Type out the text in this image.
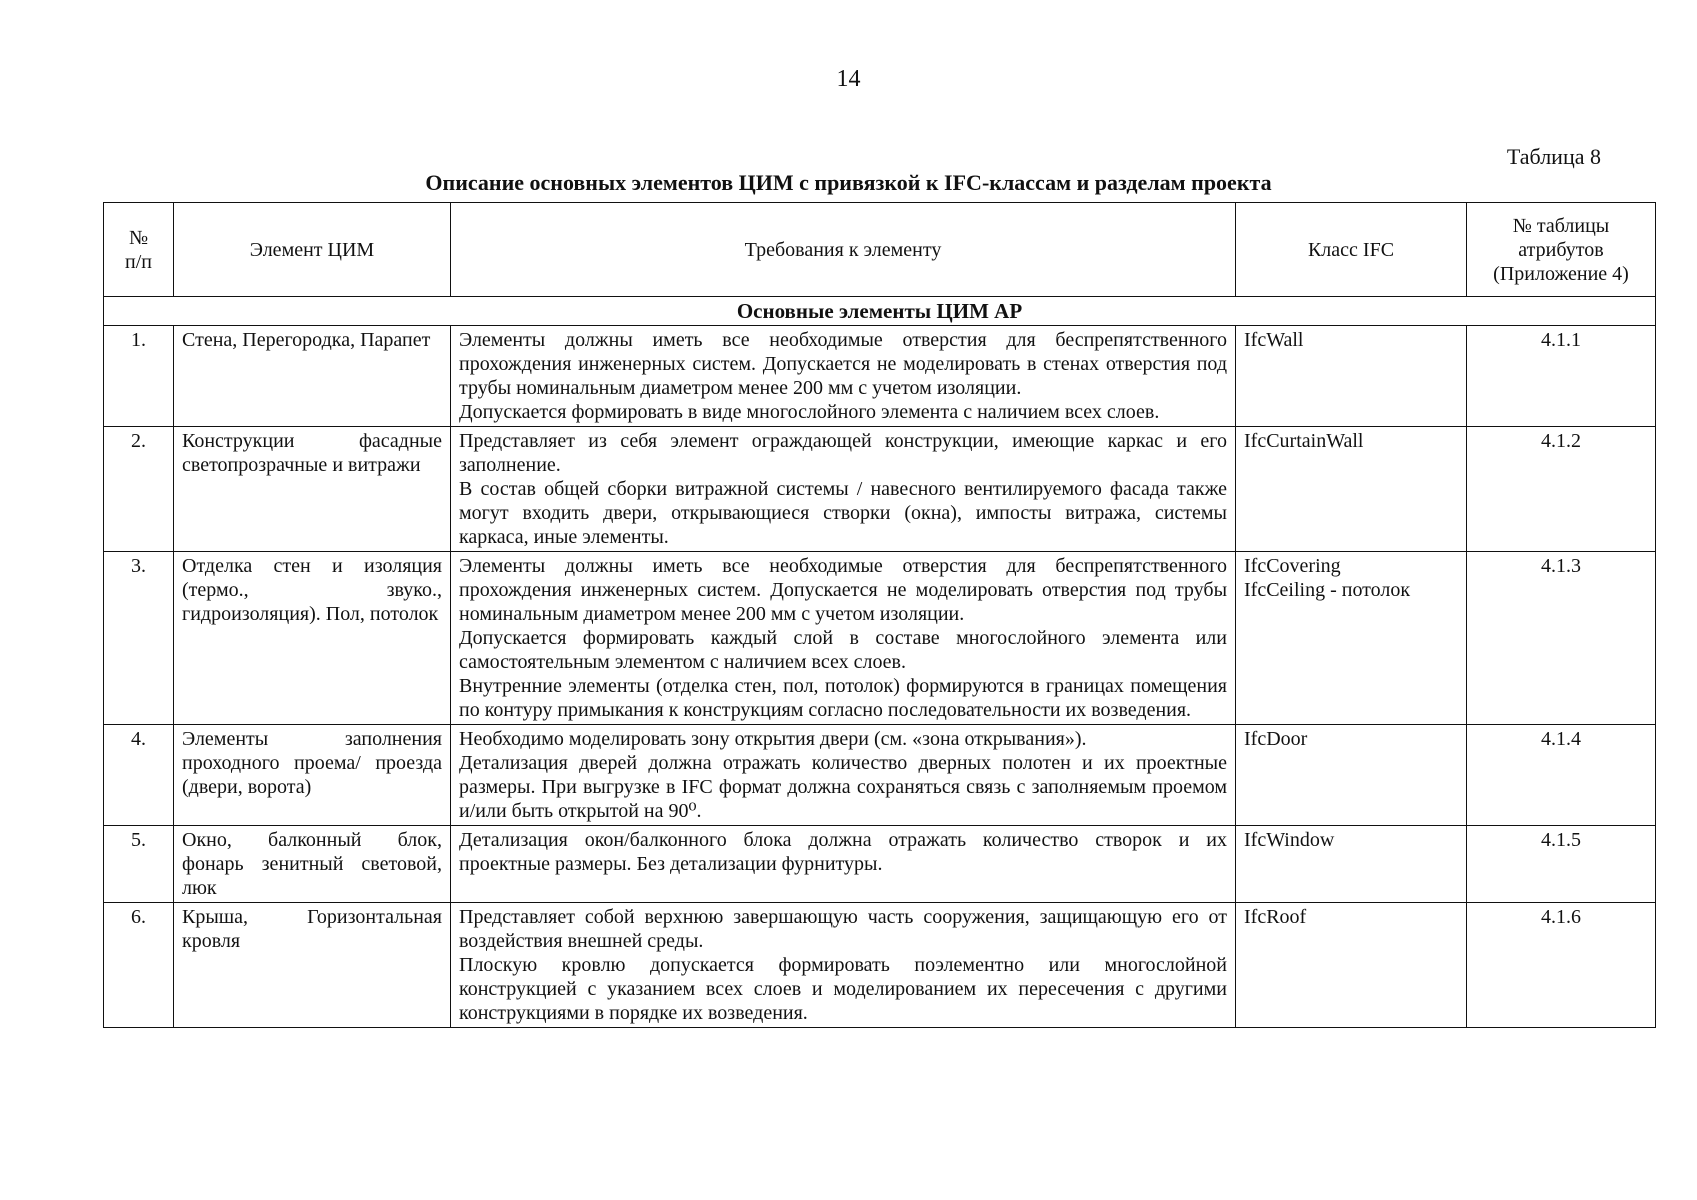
14
Таблица 8
Описание основных элементов ЦИМ с привязкой к IFC-классам и разделам проекта
№
п/п	Элемент ЦИМ	Требования к элементу	Класс IFC	№ таблицы
атрибутов
(Приложение 4)
Основные элементы ЦИМ АР				
1.	Стена, Перегородка, Парапет	Элементы должны иметь все необходимые отверстия для беспрепятственного прохождения инженерных систем. Допускается не моделировать в стенах отверстия под трубы номинальным диаметром менее 200 мм с учетом изоляции.
Допускается формировать в виде многослойного элемента с наличием всех слоев.	IfcWall	4.1.1
2.	Конструкции фасадные светопрозрачные и витражи	Представляет из себя элемент ограждающей конструкции, имеющие каркас и его заполнение.
В состав общей сборки витражной системы / навесного вентилируемого фасада также могут входить двери, открывающиеся створки (окна), импосты витража, системы каркаса, иные элементы.	IfcCurtainWall	4.1.2
3.	Отделка стен и изоляция (термо., звуко., гидроизоляция). Пол, потолок	Элементы должны иметь все необходимые отверстия для беспрепятственного прохождения инженерных систем. Допускается не моделировать отверстия под трубы номинальным диаметром менее 200 мм с учетом изоляции.
Допускается формировать каждый слой в составе многослойного элемента или самостоятельным элементом с наличием всех слоев.
Внутренние элементы (отделка стен, пол, потолок) формируются в границах помещения по контуру примыкания к конструкциям согласно последовательности их возведения.	IfcCovering
IfcCeiling - потолок	4.1.3
4.	Элементы заполнения проходного проема/ проезда (двери, ворота)	Необходимо моделировать зону открытия двери (см. «зона открывания»).
Детализация дверей должна отражать количество дверных полотен и их проектные размеры. При выгрузке в IFC формат должна сохраняться связь с заполняемым проемом и/или быть открытой на 90⁰.	IfcDoor	4.1.4
5.	Окно, балконный блок, фонарь зенитный световой, люк	Детализация окон/балконного блока должна отражать количество створок и их проектные размеры. Без детализации фурнитуры.	IfcWindow	4.1.5
6.	Крыша, Горизонтальная кровля	Представляет собой верхнюю завершающую часть сооружения, защищающую его от воздействия внешней среды.
Плоскую кровлю допускается формировать поэлементно или многослойной конструкцией с указанием всех слоев и моделированием их пересечения с другими конструкциями в порядке их возведения.	IfcRoof	4.1.6
